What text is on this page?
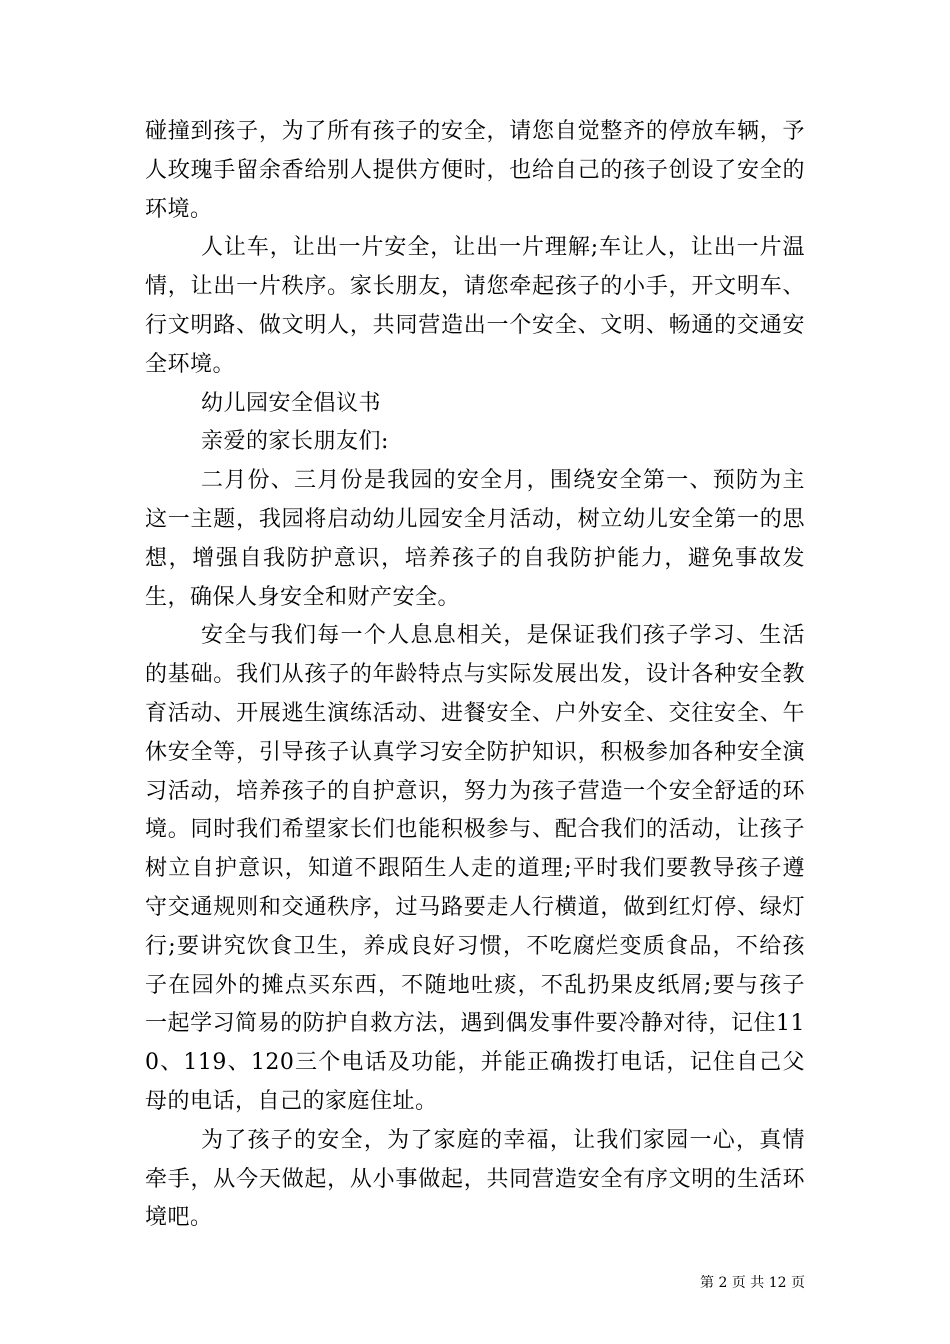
碰撞到孩子，为了所有孩子的安全，请您自觉整齐的停放车辆，予人玫瑰手留余香给别人提供方便时，也给自己的孩子创设了安全的环境。

人让车，让出一片安全，让出一片理解;车让人，让出一片温情，让出一片秩序。家长朋友，请您牵起孩子的小手，开文明车、行文明路、做文明人，共同营造出一个安全、文明、畅通的交通安全环境。

幼儿园安全倡议书

亲爱的家长朋友们:

二月份、三月份是我园的安全月，围绕安全第一、预防为主这一主题，我园将启动幼儿园安全月活动，树立幼儿安全第一的思想，增强自我防护意识，培养孩子的自我防护能力，避免事故发生，确保人身安全和财产安全。

安全与我们每一个人息息相关，是保证我们孩子学习、生活的基础。我们从孩子的年龄特点与实际发展出发，设计各种安全教育活动、开展逃生演练活动、进餐安全、户外安全、交往安全、午休安全等，引导孩子认真学习安全防护知识，积极参加各种安全演习活动，培养孩子的自护意识，努力为孩子营造一个安全舒适的环境。同时我们希望家长们也能积极参与、配合我们的活动，让孩子树立自护意识，知道不跟陌生人走的道理;平时我们要教导孩子遵守交通规则和交通秩序，过马路要走人行横道，做到红灯停、绿灯行;要讲究饮食卫生，养成良好习惯，不吃腐烂变质食品，不给孩子在园外的摊点买东西，不随地吐痰，不乱扔果皮纸屑;要与孩子一起学习简易的防护自救方法，遇到偶发事件要冷静对待，记住110、119、120三个电话及功能，并能正确拨打电话，记住自己父母的电话，自己的家庭住址。

为了孩子的安全，为了家庭的幸福，让我们家园一心，真情牵手，从今天做起，从小事做起，共同营造安全有序文明的生活环境吧。

第 2 页 共 12 页
